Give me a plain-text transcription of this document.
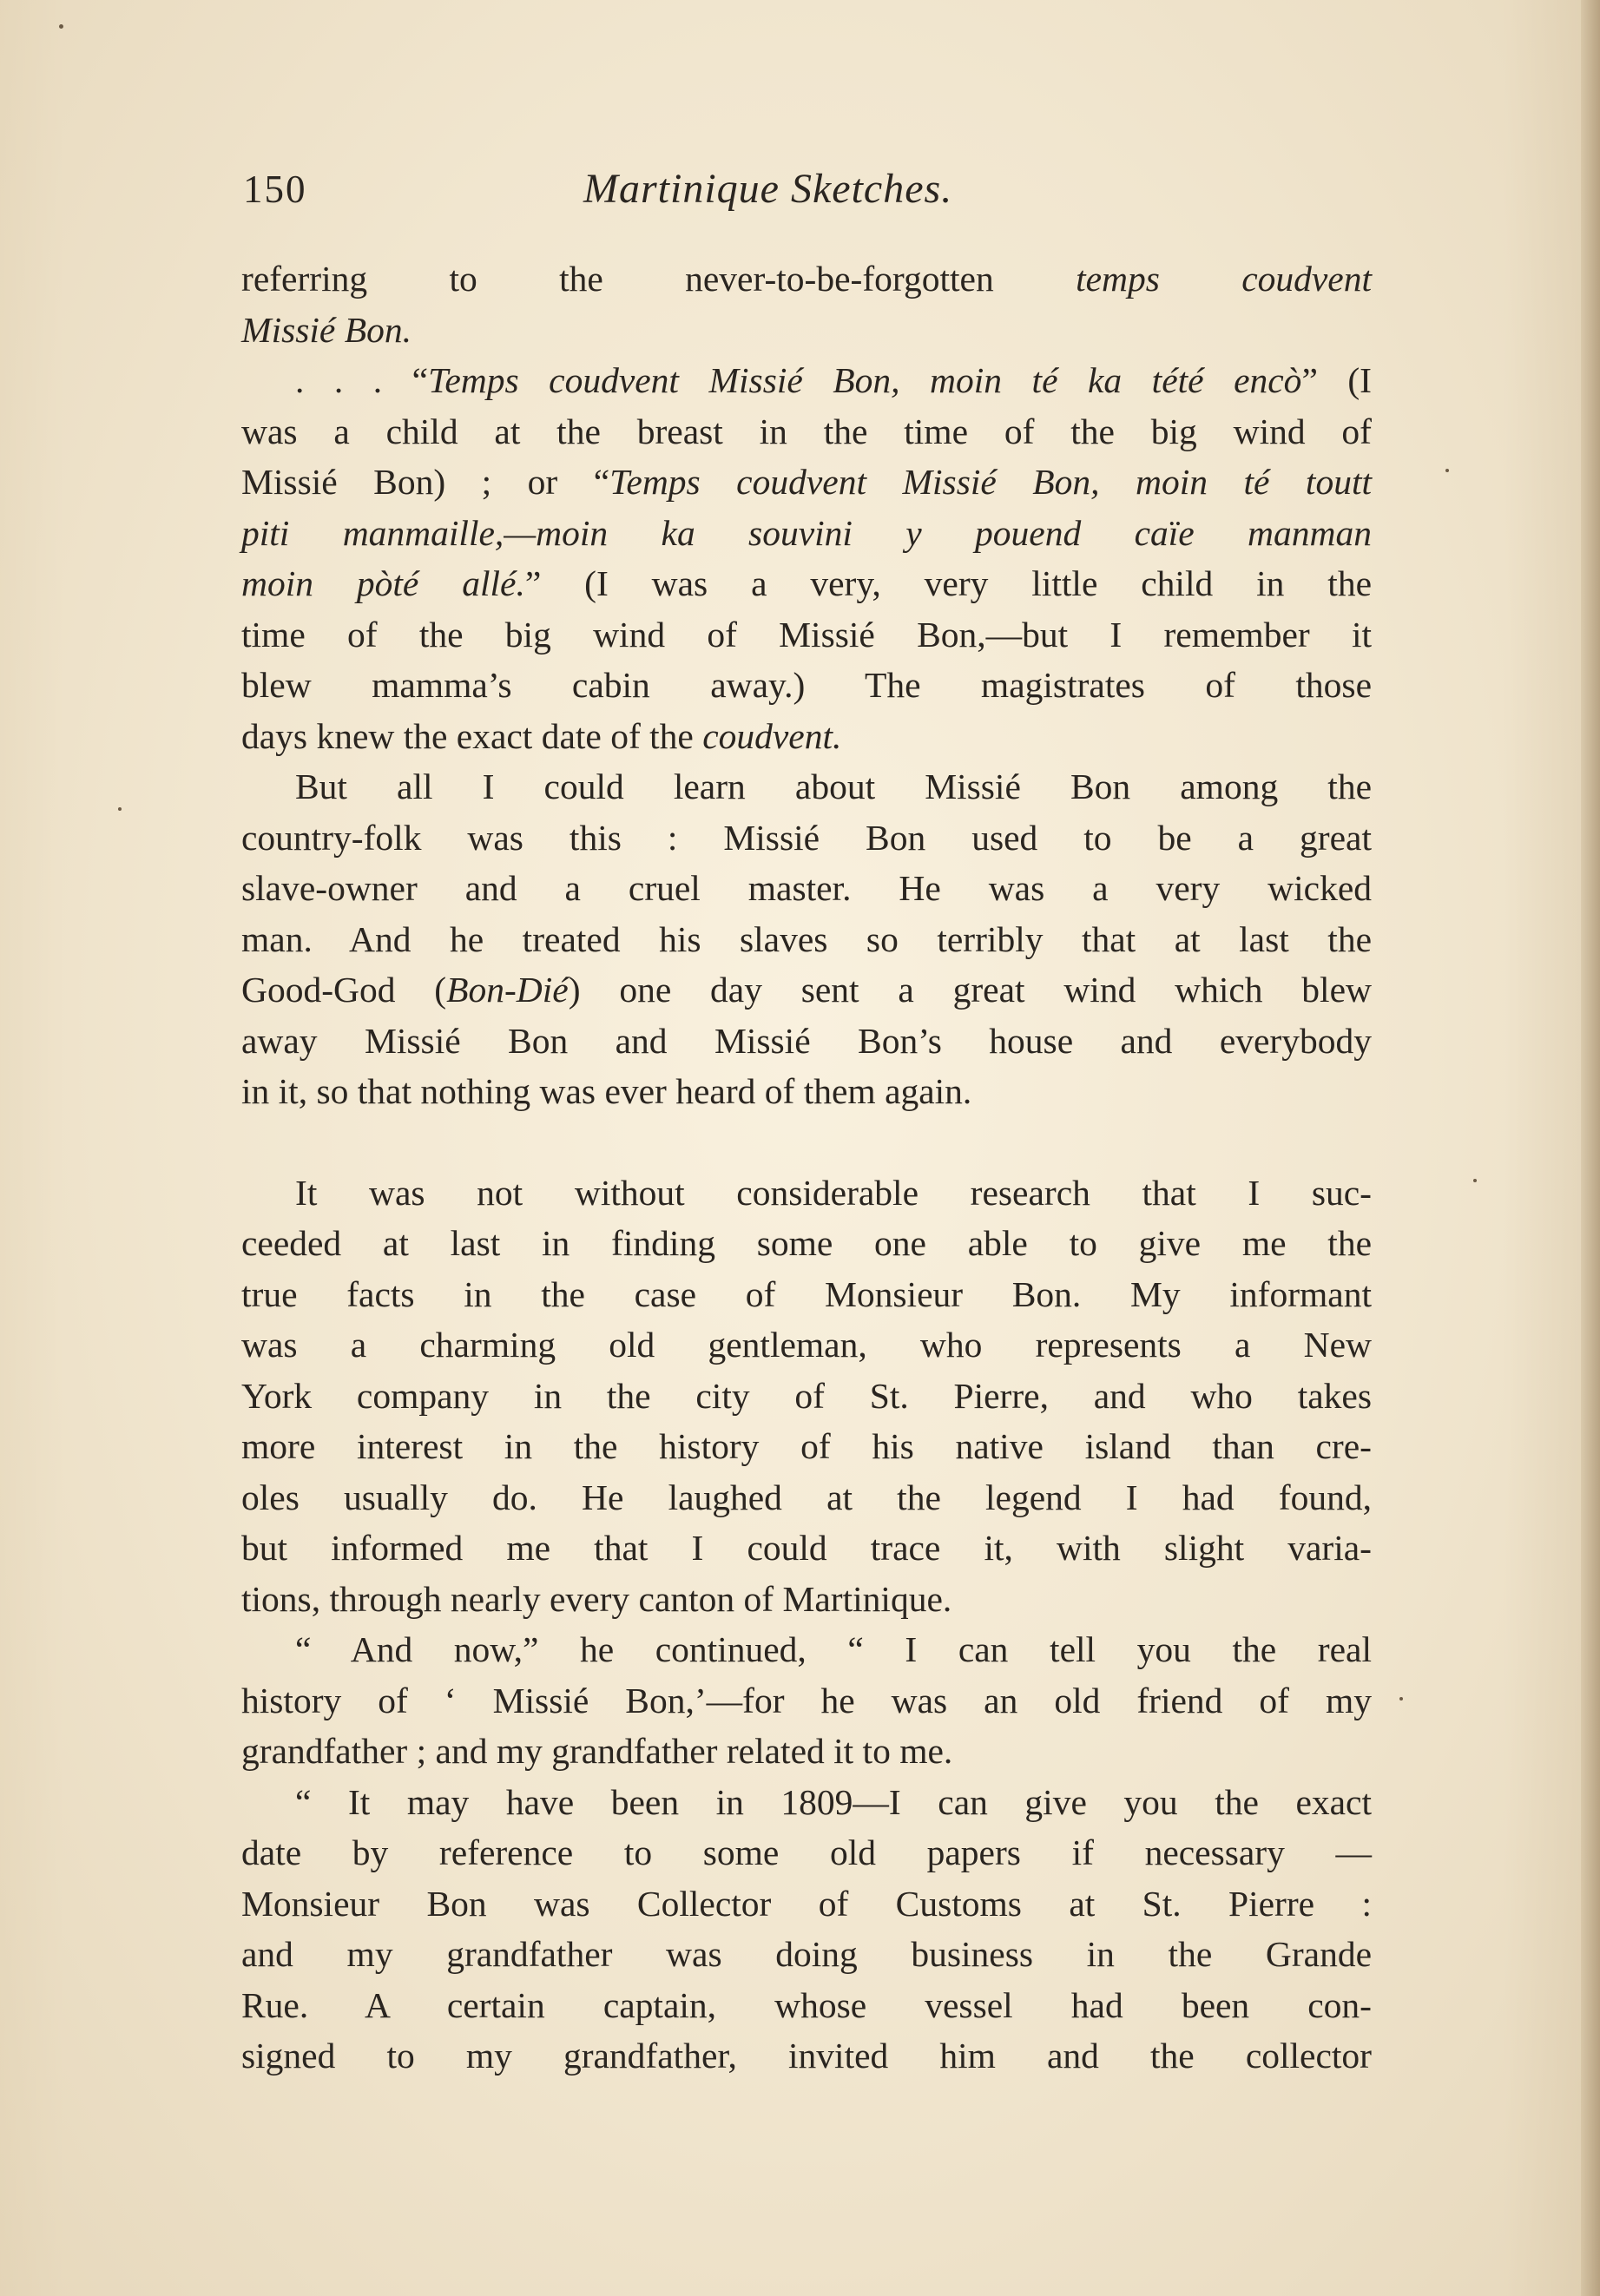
150	Martinique Sketches.
referring to the never-to-be-forgotten temps coudvent
Missié Bon.
. . . “Temps coudvent Missié Bon, moin té ka tété encò” (I
was a child at the breast in the time of the big wind of
Missié Bon) ; or “Temps coudvent Missié Bon, moin té toutt
piti manmaille,—moin ka souvini y pouend caïe manman
moin pòté allé.” (I was a very, very little child in the
time of the big wind of Missié Bon,—but I remember it
blew mamma’s cabin away.) The magistrates of those
days knew the exact date of the coudvent.
But all I could learn about Missié Bon among the
country-folk was this : Missié Bon used to be a great
slave-owner and a cruel master. He was a very wicked
man. And he treated his slaves so terribly that at last the
Good-God (Bon-Dié) one day sent a great wind which blew
away Missié Bon and Missié Bon’s house and everybody
in it, so that nothing was ever heard of them again.
It was not without considerable research that I suc-
ceeded at last in finding some one able to give me the
true facts in the case of Monsieur Bon. My informant
was a charming old gentleman, who represents a New
York company in the city of St. Pierre, and who takes
more interest in the history of his native island than cre-
oles usually do. He laughed at the legend I had found,
but informed me that I could trace it, with slight varia-
tions, through nearly every canton of Martinique.
“ And now,” he continued, “ I can tell you the real
history of ‘ Missié Bon,’—for he was an old friend of my
grandfather ; and my grandfather related it to me.
“ It may have been in 1809—I can give you the exact
date by reference to some old papers if necessary —
Monsieur Bon was Collector of Customs at St. Pierre :
and my grandfather was doing business in the Grande
Rue. A certain captain, whose vessel had been con-
signed to my grandfather, invited him and the collector
